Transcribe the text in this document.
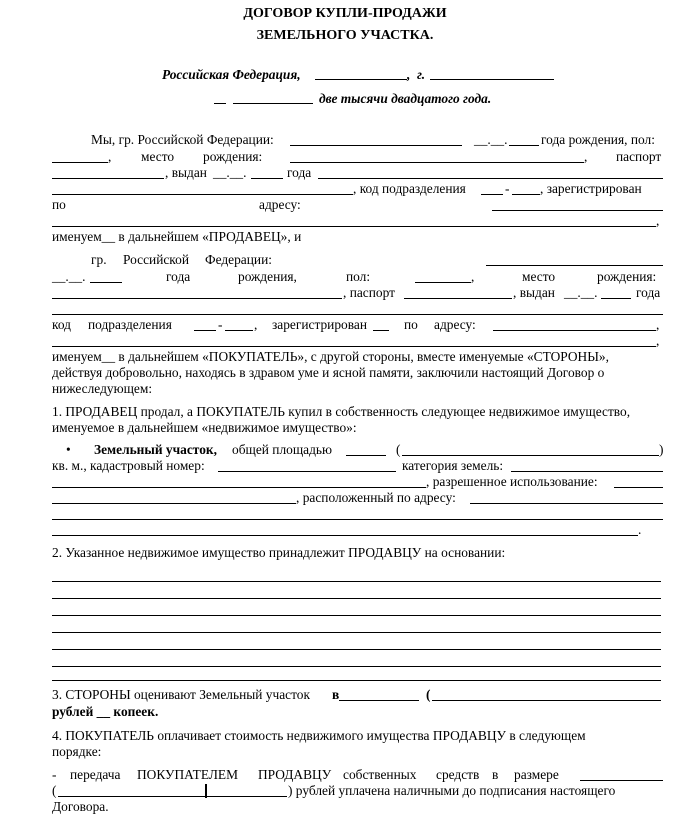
ДОГОВОР КУПЛИ-ПРОДАЖИ
ЗЕМЕЛЬНОГО УЧАСТКА.
Российская Федерация,	, г.
две тысячи двадцатого года.
Мы, гр. Российской Федерации:	__.__.	года рождения, пол:
, место рождения:	, паспорт
, выдан __.__.	года
, код подразделения	- , зарегистрирован
по	адресу:
,
именуем__ в дальнейшем «ПРОДАВЕЦ», и
гр. Российской Федерации:
__.__.	года	рождения,	пол:	,	место	рождения:
, паспорт	, выдан __.__.	года
код подразделения	- , зарегистрирован	по адресу:	,
,
именуем__ в дальнейшем «ПОКУПАТЕЛЬ», с другой стороны, вместе именуемые «СТОРОНЫ»,
действуя добровольно, находясь в здравом уме и ясной памяти, заключили настоящий Договор о
нижеследующем:
1. ПРОДАВЕЦ продал, а ПОКУПАТЕЛЬ купил в собственность следующее недвижимое имущество,
именуемое в дальнейшем «недвижимое имущество»:
• Земельный участок, общей площадью	(	)
кв. м., кадастровый номер:	категория земель:
, разрешенное использование:
, расположенный по адресу:
.
2. Указанное недвижимое имущество принадлежит ПРОДАВЦУ на основании:
3. СТОРОНЫ оценивают Земельный участок в	(
рублей __ копеек.
4. ПОКУПАТЕЛЬ оплачивает стоимость недвижимого имущества ПРОДАВЦУ в следующем
порядке:
- передача ПОКУПАТЕЛЕМ ПРОДАВЦУ собственных средств в размере
(	) рублей уплачена наличными до подписания настоящего
Договора.
